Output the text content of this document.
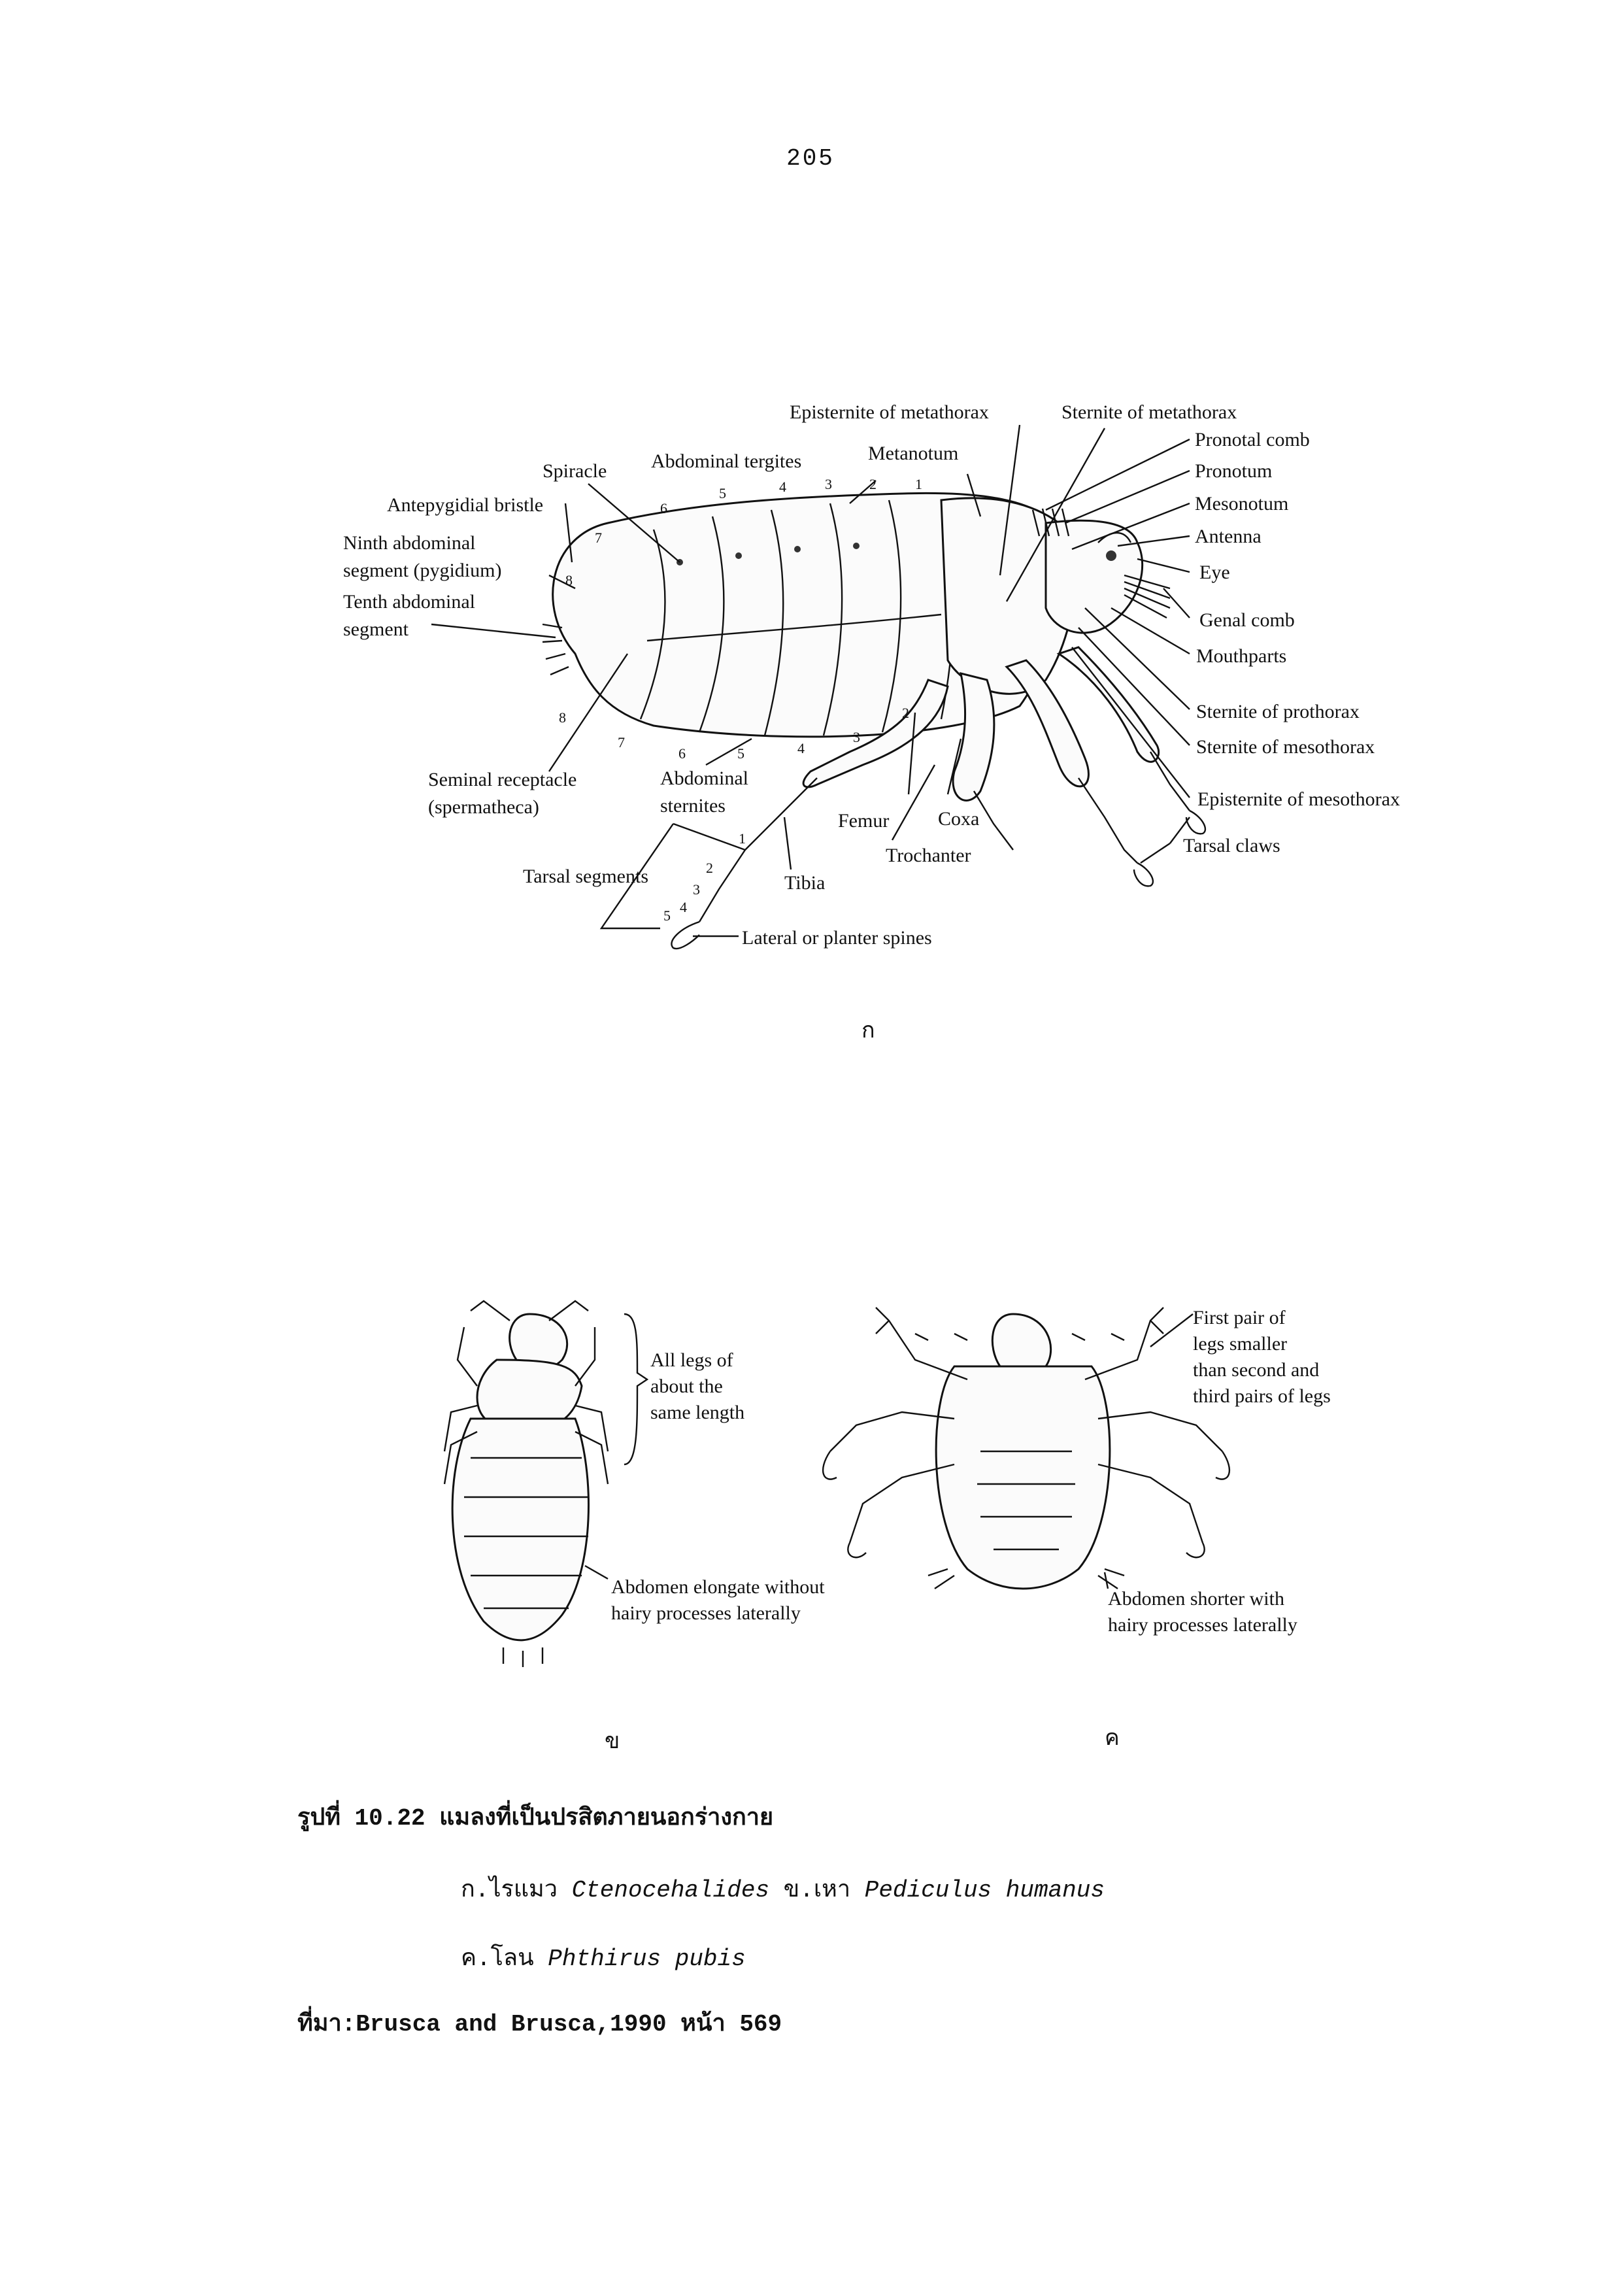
205
Episternite of metathorax	Sternite of metathorax
Pronotal comb
Metanotum
Spiracle Abdominal tergites	Pronotum
Antepygidial bristle	Mesonotum
Antenna
Ninth abdominal
segment (pygidium)	Eye
Tenth abdominal
segment	Genal comb
Mouthparts
Sternite of prothorax
Sternite of mesothorax
Seminal receptacle
(spermatheca)
Abdominal
sternites	Episternite of mesothorax
Femur Coxa
Tarsal claws
Trochanter
Tarsal segments	Tibia
Lateral or planter spines
6
5	4	3	2	1
7
8
8
7
6	5	4
3
2
1
2
3
4
5
All legs of
about the
same length
Abdomen elongate without
hairy processes laterally
First pair of
legs smaller
than second and
third pairs of legs
Abdomen shorter with
hairy processes laterally
ก
ข	ค
รูปที่ 10.22 แมลงที่เป็นปรสิตภายนอกร่างกาย
ก.ไรแมว Ctenocehalides ข.เหา Pediculus humanus
ค.โลน Phthirus pubis
ที่มา:Brusca and Brusca,1990 หน้า 569
